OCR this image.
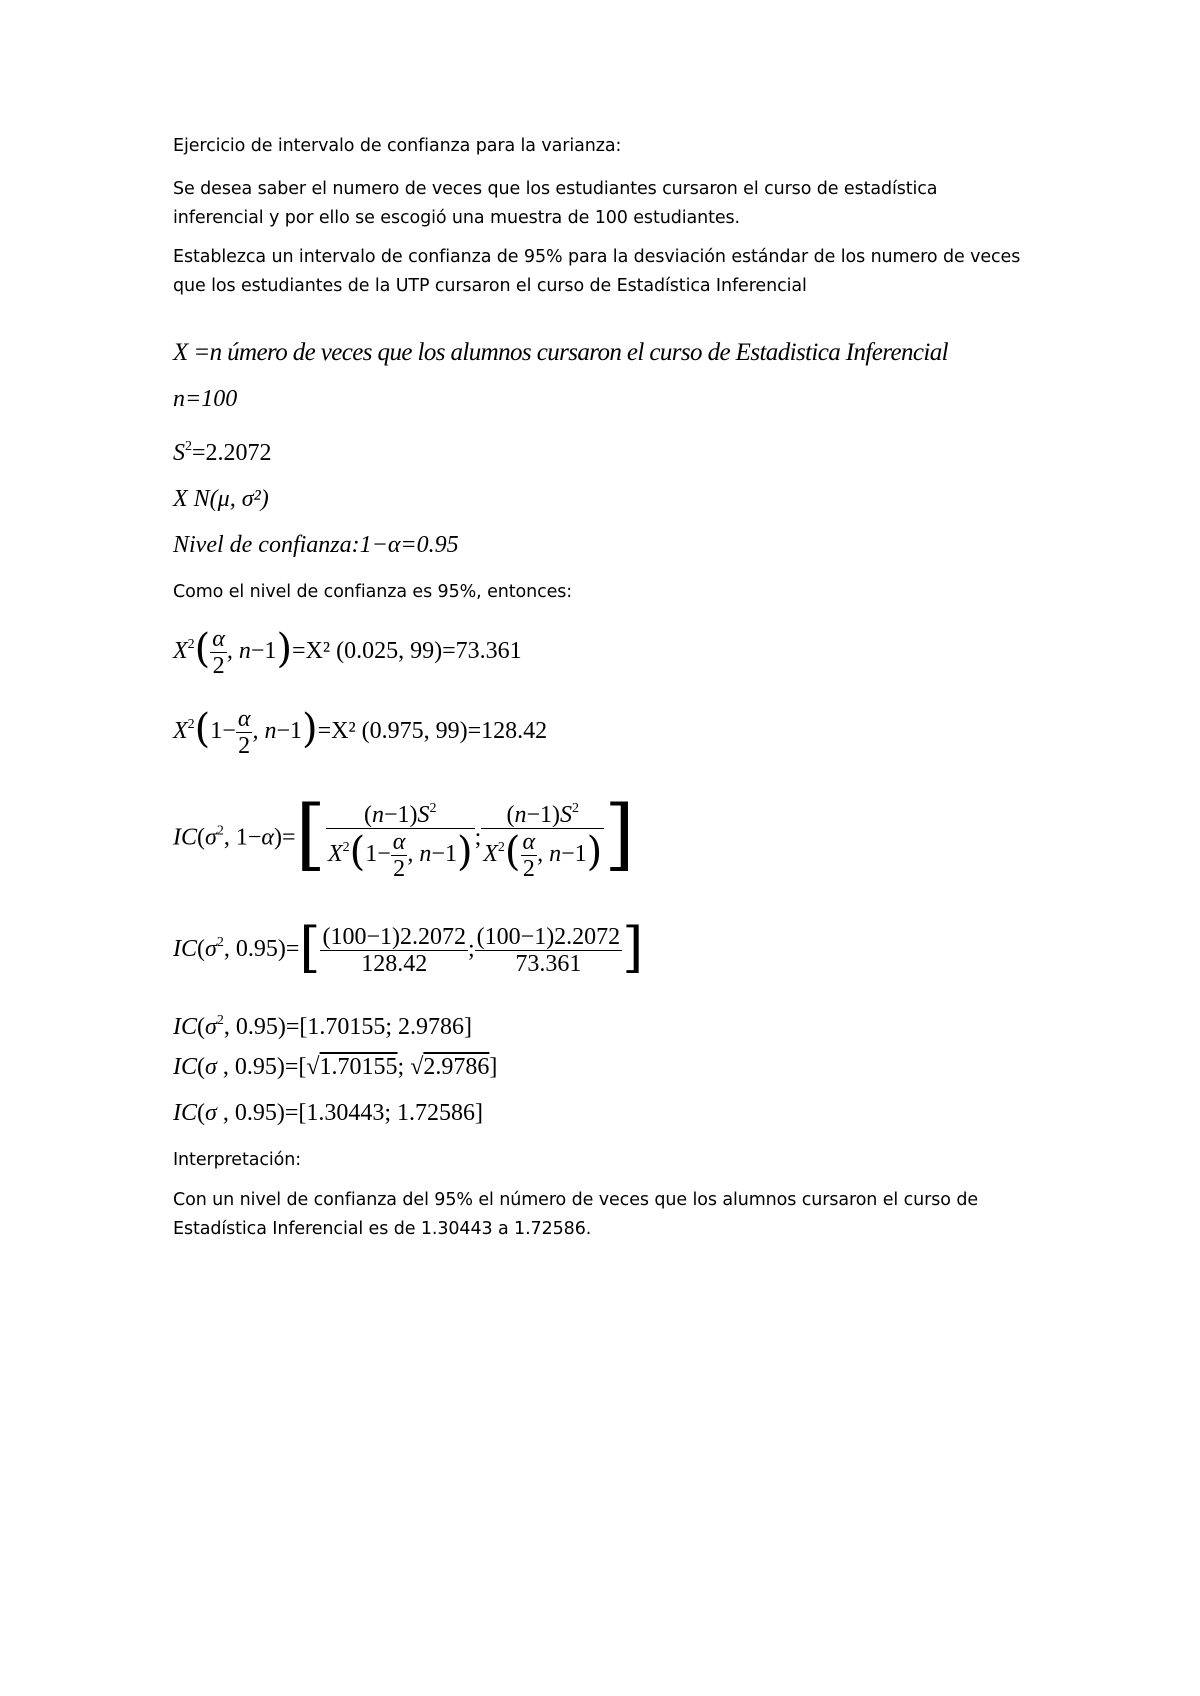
Ejercicio de intervalo de confianza para la varianza:
Se desea saber el numero de veces que los estudiantes cursaron el curso de estadística inferencial y por ello se escogió una muestra de 100 estudiantes.
Establezca un intervalo de confianza de 95% para la desviación estándar de los numero de veces que los estudiantes de la UTP cursaron el curso de Estadística Inferencial
X =n úmero de veces que los alumnos cursaron el curso de Estadistica Inferencial
n=100
$S^2=2.2072$
X N(μ, σ²)
Nivel de confianza:1−α=0.95
Como el nivel de confianza es 95%, entonces:
$X^2( \frac{\alpha}{2}$ , n−1)=X² (0.025, 99)=73.361
$X^2(1- \frac{\alpha}{2}$ , n−1)=X² (0.975, 99)=128.42
$IC(\sigma^2$, $1-\alpha)=[ \frac{(n-1)S^2}{X^2(1- \frac{\alpha}{2} , n-1)}$ ; $\frac{(n-1)S^2}{X^2( \frac{\alpha}{2} , n-1)}$ ]
$IC(\sigma^2$, $0.95)=[ \frac{(100-1)2.2072}{128.42}$ ; $\frac{(100-1)2.2072}{73.361}$ ]
$IC(\sigma^2$, 0.95)=[1.70155; 2.9786]
IC(σ , 0.95)=[√1.70155; √2.9786]
IC(σ , 0.95)=[1.30443; 1.72586]
Interpretación:
Con un nivel de confianza del 95% el número de veces que los alumnos cursaron el curso de Estadística Inferencial es de 1.30443 a 1.72586.
